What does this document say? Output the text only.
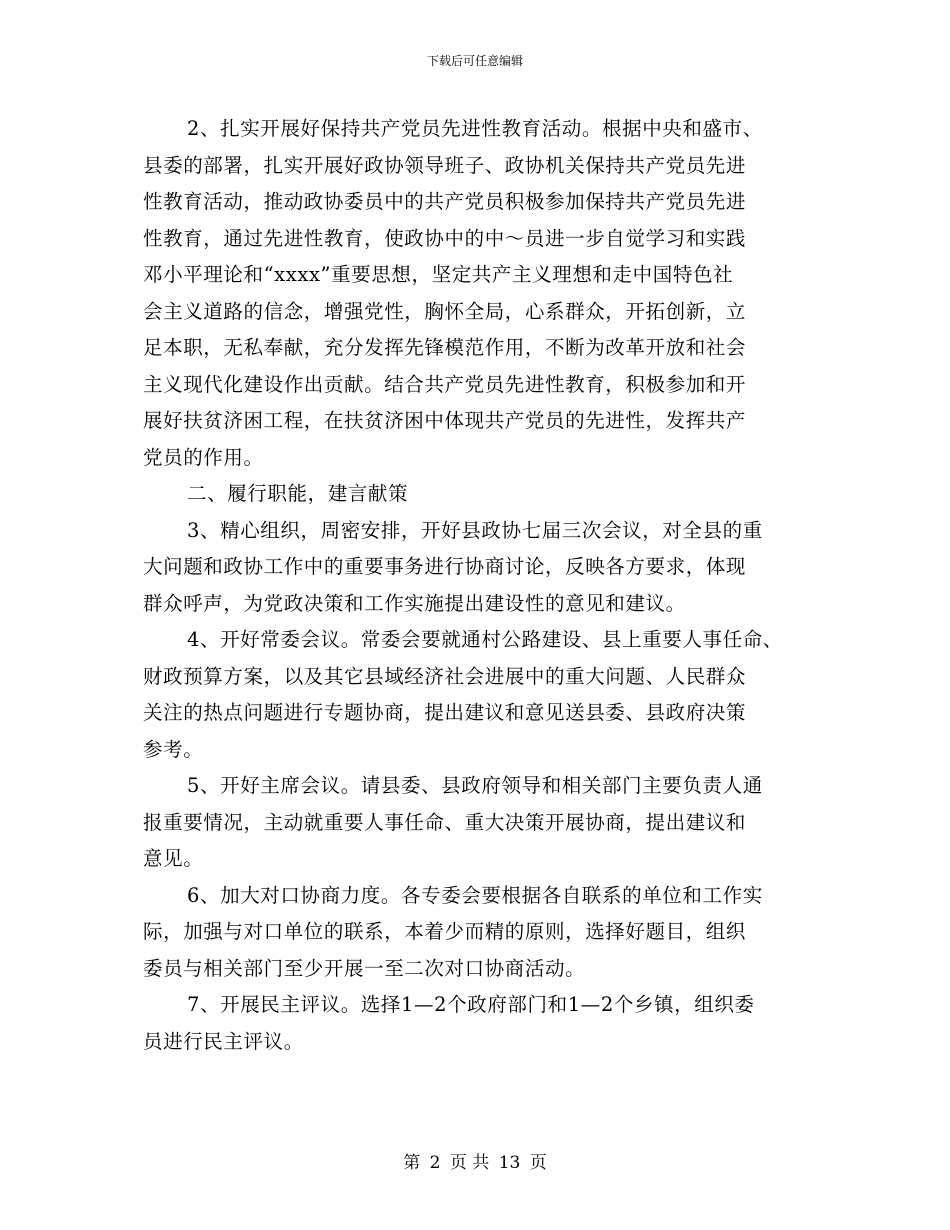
下载后可任意编辑
2、扎实开展好保持共产党员先进性教育活动。根据中央和盛市、
县委的部署，扎实开展好政协领导班子、政协机关保持共产党员先进
性教育活动，推动政协委员中的共产党员积极参加保持共产党员先进
性教育，通过先进性教育，使政协中的中～员进一步自觉学习和实践
邓小平理论和“xxxx”重要思想，坚定共产主义理想和走中国特色社
会主义道路的信念，增强党性，胸怀全局，心系群众，开拓创新，立
足本职，无私奉献，充分发挥先锋模范作用，不断为改革开放和社会
主义现代化建设作出贡献。结合共产党员先进性教育，积极参加和开
展好扶贫济困工程，在扶贫济困中体现共产党员的先进性，发挥共产
党员的作用。
二、履行职能，建言献策
3、精心组织，周密安排，开好县政协七届三次会议，对全县的重
大问题和政协工作中的重要事务进行协商讨论，反映各方要求，体现
群众呼声，为党政决策和工作实施提出建设性的意见和建议。
4、开好常委会议。常委会要就通村公路建设、县上重要人事任命、
财政预算方案，以及其它县域经济社会进展中的重大问题、人民群众
关注的热点问题进行专题协商，提出建议和意见送县委、县政府决策
参考。
5、开好主席会议。请县委、县政府领导和相关部门主要负责人通
报重要情况，主动就重要人事任命、重大决策开展协商，提出建议和
意见。
6、加大对口协商力度。各专委会要根据各自联系的单位和工作实
际，加强与对口单位的联系，本着少而精的原则，选择好题目，组织
委员与相关部门至少开展一至二次对口协商活动。
7、开展民主评议。选择1—2个政府部门和1—2个乡镇，组织委
员进行民主评议。
第 2 页 共 13 页
